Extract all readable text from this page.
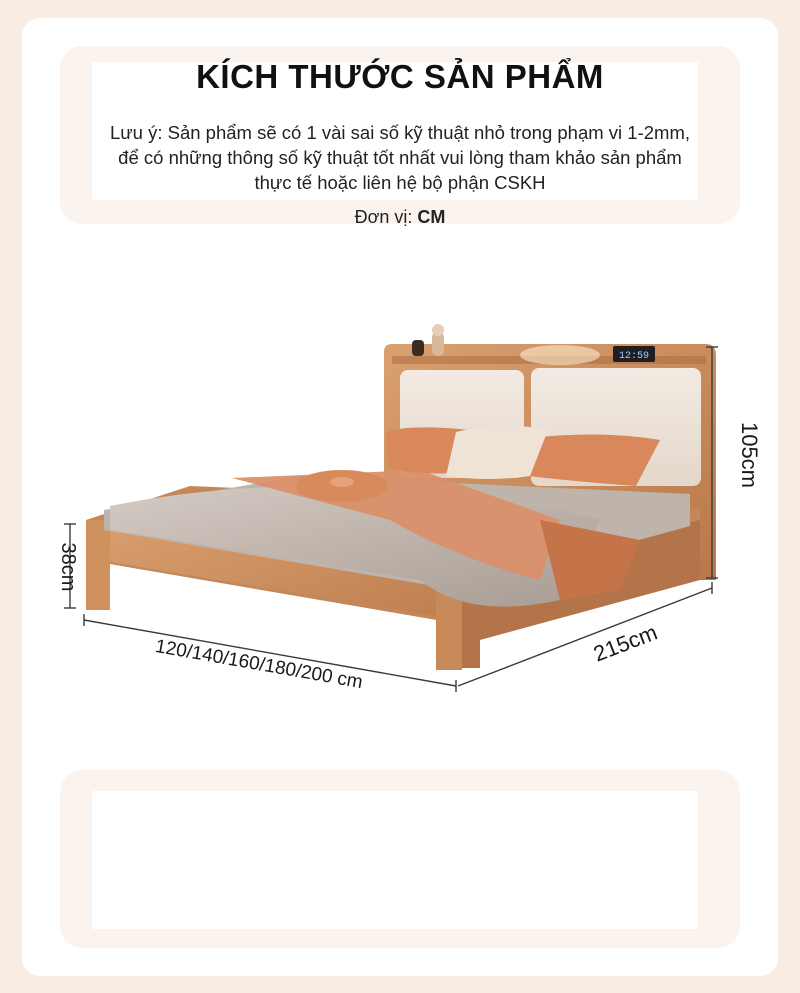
KÍCH THƯỚC SẢN PHẨM
Lưu ý: Sản phẩm sẽ có 1 vài sai số kỹ thuật nhỏ trong phạm vi 1-2mm,
để có những thông số kỹ thuật tốt nhất vui lòng tham khảo sản phẩm
thực tế hoặc liên hệ bộ phận CSKH
Đơn vị: CM
12:59
38cm
105cm
120/140/160/180/200 cm	215cm
